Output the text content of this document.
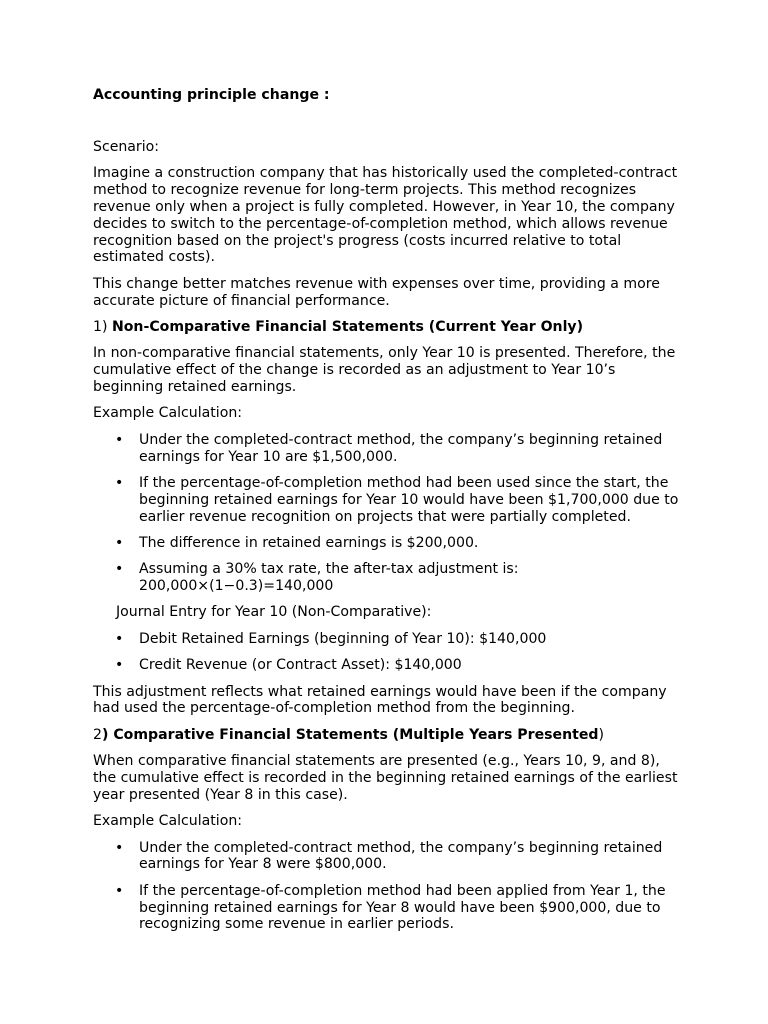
Accounting principle change :

Scenario:

Imagine a construction company that has historically used the completed-contract method to recognize revenue for long-term projects. This method recognizes revenue only when a project is fully completed. However, in Year 10, the company decides to switch to the percentage-of-completion method, which allows revenue recognition based on the project's progress (costs incurred relative to total estimated costs).

This change better matches revenue with expenses over time, providing a more accurate picture of financial performance.

1) Non-Comparative Financial Statements (Current Year Only)

In non-comparative financial statements, only Year 10 is presented. Therefore, the cumulative effect of the change is recorded as an adjustment to Year 10’s beginning retained earnings.

Example Calculation:

• Under the completed-contract method, the company’s beginning retained earnings for Year 10 are $1,500,000.
• If the percentage-of-completion method had been used since the start, the beginning retained earnings for Year 10 would have been $1,700,000 due to earlier revenue recognition on projects that were partially completed.
• The difference in retained earnings is $200,000.
• Assuming a 30% tax rate, the after-tax adjustment is: 200,000×(1−0.3)=140,000

Journal Entry for Year 10 (Non-Comparative):

• Debit Retained Earnings (beginning of Year 10): $140,000
• Credit Revenue (or Contract Asset): $140,000

This adjustment reflects what retained earnings would have been if the company had used the percentage-of-completion method from the beginning.

2) Comparative Financial Statements (Multiple Years Presented)

When comparative financial statements are presented (e.g., Years 10, 9, and 8), the cumulative effect is recorded in the beginning retained earnings of the earliest year presented (Year 8 in this case).

Example Calculation:

• Under the completed-contract method, the company’s beginning retained earnings for Year 8 were $800,000.
• If the percentage-of-completion method had been applied from Year 1, the beginning retained earnings for Year 8 would have been $900,000, due to recognizing some revenue in earlier periods.
